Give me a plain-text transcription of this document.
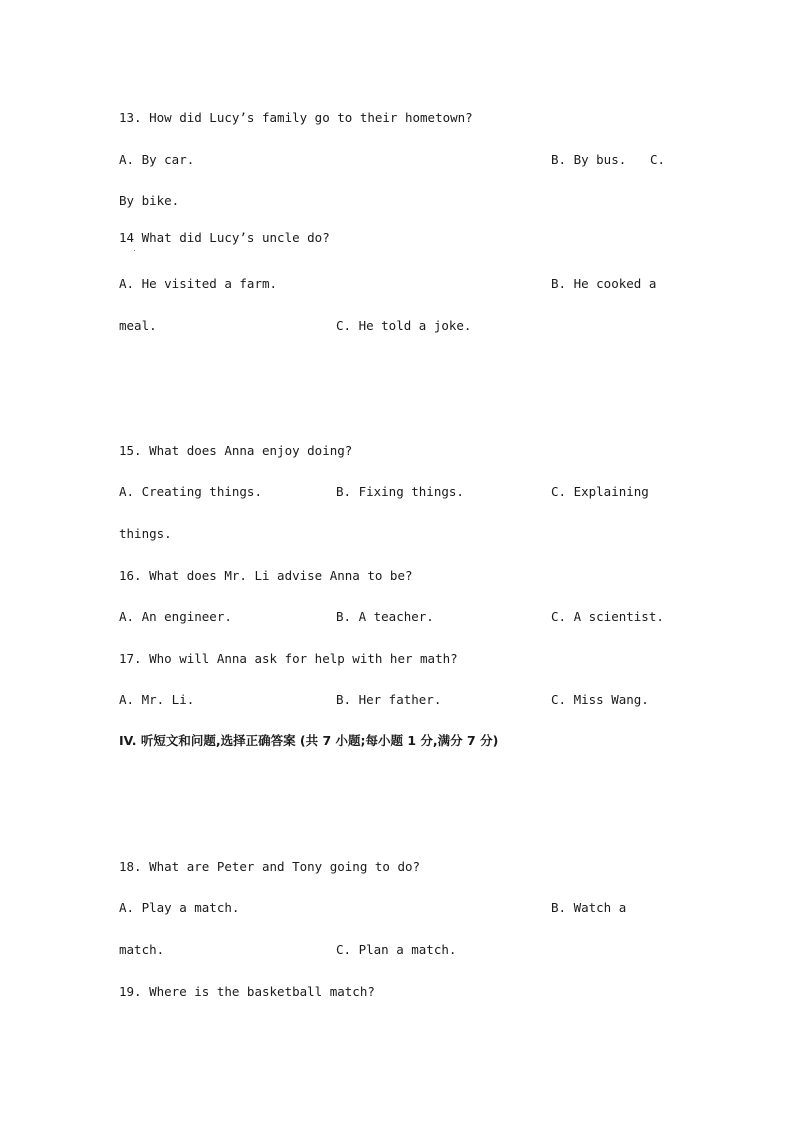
13. How did Lucy’s family go to their hometown?
A. By car.	B. By bus. C.
By bike.
14 What did Lucy’s uncle do?
A. He visited a farm.	B. He cooked a
meal.	C. He told a joke.
15. What does Anna enjoy doing?
A. Creating things.	B. Fixing things.	C. Explaining
things.
16. What does Mr. Li advise Anna to be?
A. An engineer.	B. A teacher.	C. A scientist.
17. Who will Anna ask for help with her math?
A. Mr. Li.	B. Her father.	C. Miss Wang.
IV. 听短文和问题,选择正确答案 (共 7 小题;每小题 1 分,满分 7 分)
18. What are Peter and Tony going to do?
A. Play a match.	B. Watch a
match.	C. Plan a match.
19. Where is the basketball match?
